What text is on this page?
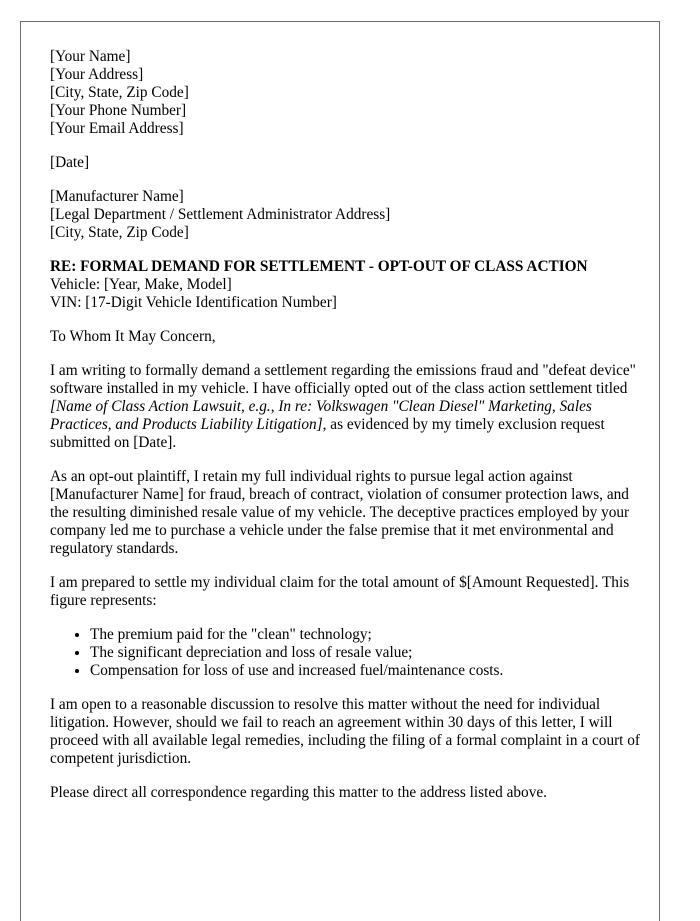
[Your Name]
[Your Address]
[City, State, Zip Code]
[Your Phone Number]
[Your Email Address]
[Date]
[Manufacturer Name]
[Legal Department / Settlement Administrator Address]
[City, State, Zip Code]
RE: FORMAL DEMAND FOR SETTLEMENT - OPT-OUT OF CLASS ACTION
Vehicle: [Year, Make, Model]
VIN: [17-Digit Vehicle Identification Number]

To Whom It May Concern,

I am writing to formally demand a settlement regarding the emissions fraud and "defeat device" software installed in my vehicle. I have officially opted out of the class action settlement titled [Name of Class Action Lawsuit, e.g., In re: Volkswagen "Clean Diesel" Marketing, Sales Practices, and Products Liability Litigation], as evidenced by my timely exclusion request submitted on [Date].

As an opt-out plaintiff, I retain my full individual rights to pursue legal action against [Manufacturer Name] for fraud, breach of contract, violation of consumer protection laws, and the resulting diminished resale value of my vehicle. The deceptive practices employed by your company led me to purchase a vehicle under the false premise that it met environmental and regulatory standards.

I am prepared to settle my individual claim for the total amount of $[Amount Requested]. This figure represents:

• The premium paid for the "clean" technology;
• The significant depreciation and loss of resale value;
• Compensation for loss of use and increased fuel/maintenance costs.

I am open to a reasonable discussion to resolve this matter without the need for individual litigation. However, should we fail to reach an agreement within 30 days of this letter, I will proceed with all available legal remedies, including the filing of a formal complaint in a court of competent jurisdiction.

Please direct all correspondence regarding this matter to the address listed above.
